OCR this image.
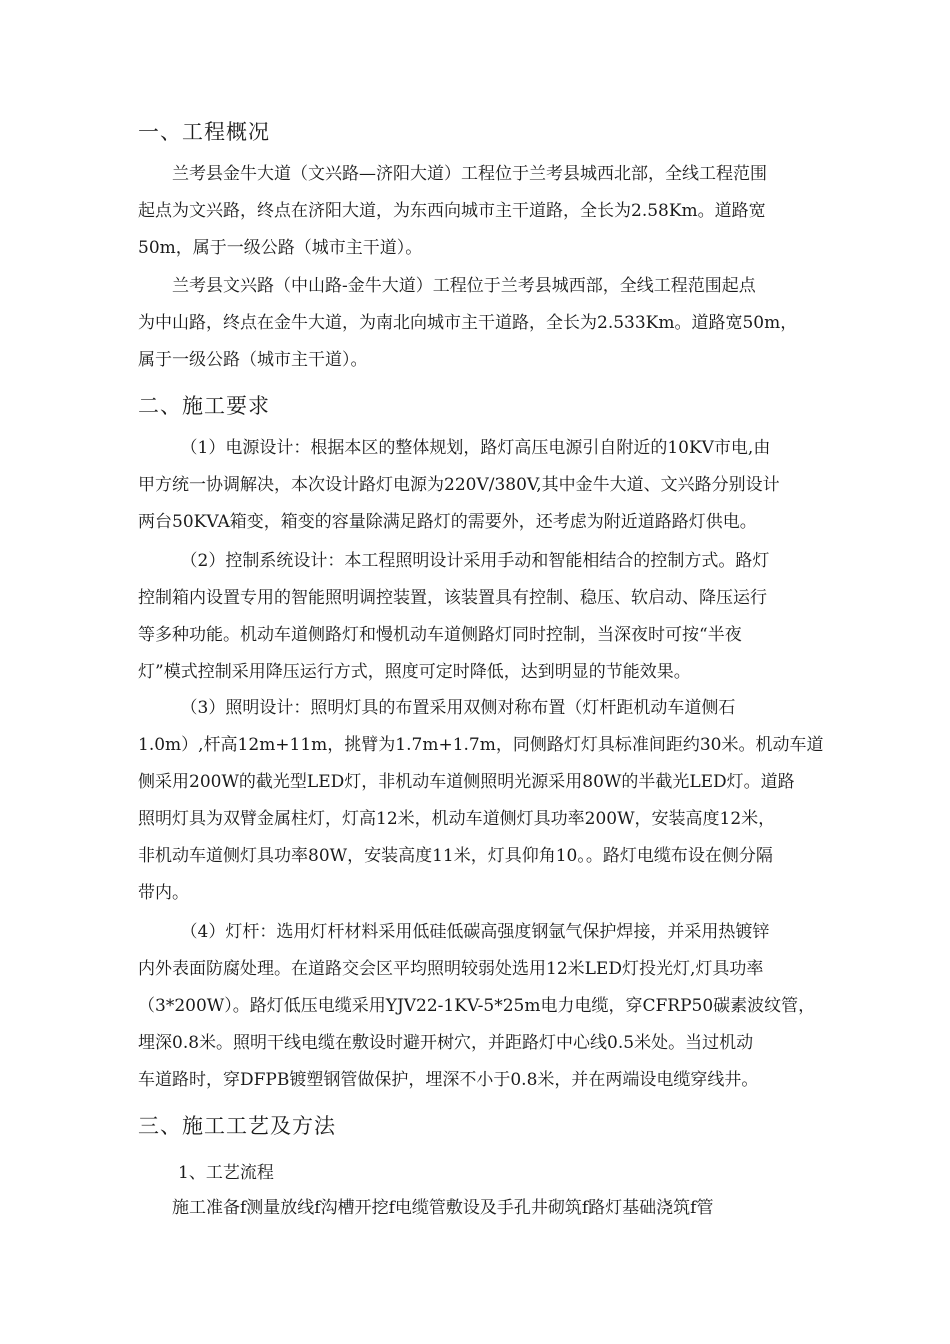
一、工程概况
　　兰考县金牛大道（文兴路—济阳大道）工程位于兰考县城西北部，全线工程范围
起点为文兴路，终点在济阳大道，为东西向城市主干道路，全长为2.58Km。道路宽
50m，属于一级公路（城市主干道）。
　　兰考县文兴路（中山路-金牛大道）工程位于兰考县城西部，全线工程范围起点
为中山路，终点在金牛大道，为南北向城市主干道路，全长为2.533Km。道路宽50m，
属于一级公路（城市主干道）。
二、施工要求
　　　（1）电源设计：根据本区的整体规划，路灯高压电源引自附近的10KV市电,由
甲方统一协调解决，本次设计路灯电源为220V/380V,其中金牛大道、文兴路分别设计
两台50KVA箱变，箱变的容量除满足路灯的需要外，还考虑为附近道路路灯供电。
　　　（2）控制系统设计：本工程照明设计采用手动和智能相结合的控制方式。路灯
控制箱内设置专用的智能照明调控装置，该装置具有控制、稳压、软启动、降压运行
等多种功能。机动车道侧路灯和慢机动车道侧路灯同时控制，当深夜时可按“半夜
灯”模式控制采用降压运行方式，照度可定时降低，达到明显的节能效果。
　　　（3）照明设计：照明灯具的布置采用双侧对称布置（灯杆距机动车道侧石
1.0m）,杆高12m+11m，挑臂为1.7m+1.7m，同侧路灯灯具标准间距约30米。机动车道
侧采用200W的截光型LED灯，非机动车道侧照明光源采用80W的半截光LED灯。道路
照明灯具为双臂金属柱灯，灯高12米，机动车道侧灯具功率200W，安装高度12米，
非机动车道侧灯具功率80W，安装高度11米，灯具仰角10。。路灯电缆布设在侧分隔
带内。
　　　（4）灯杆：选用灯杆材料采用低硅低碳高强度钢氩气保护焊接，并采用热镀锌
内外表面防腐处理。在道路交会区平均照明较弱处选用12米LED灯投光灯,灯具功率
（3*200W）。路灯低压电缆采用YJV22-1KV-5*25m电力电缆，穿CFRP50碳素波纹管，
埋深0.8米。照明干线电缆在敷设时避开树穴，并距路灯中心线0.5米处。当过机动
车道路时，穿DFPB镀塑钢管做保护，埋深不小于0.8米，并在两端设电缆穿线井。
三、施工工艺及方法
1、工艺流程
　　施工准备f测量放线f沟槽开挖f电缆管敷设及手孔井砌筑f路灯基础浇筑f管
